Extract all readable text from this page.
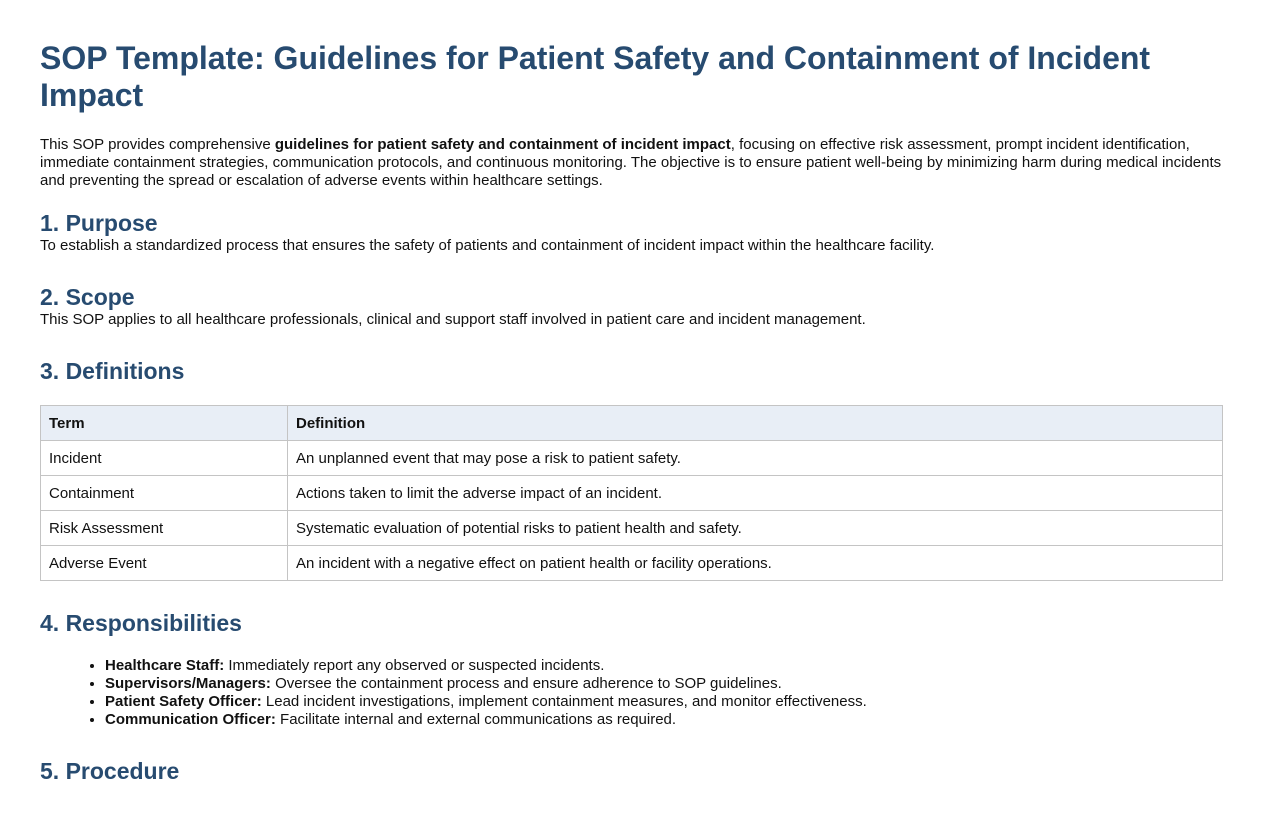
SOP Template: Guidelines for Patient Safety and Containment of Incident Impact

This SOP provides comprehensive guidelines for patient safety and containment of incident impact, focusing on effective risk assessment, prompt incident identification, immediate containment strategies, communication protocols, and continuous monitoring. The objective is to ensure patient well-being by minimizing harm during medical incidents and preventing the spread or escalation of adverse events within healthcare settings.

1. Purpose

To establish a standardized process that ensures the safety of patients and containment of incident impact within the healthcare facility.

2. Scope

This SOP applies to all healthcare professionals, clinical and support staff involved in patient care and incident management.

3. Definitions
Term	Definition
Incident	An unplanned event that may pose a risk to patient safety.
Containment	Actions taken to limit the adverse impact of an incident.
Risk Assessment	Systematic evaluation of potential risks to patient health and safety.
Adverse Event	An incident with a negative effect on patient health or facility operations.
4. Responsibilities
• Healthcare Staff: Immediately report any observed or suspected incidents.
• Supervisors/Managers: Oversee the containment process and ensure adherence to SOP guidelines.
• Patient Safety Officer: Lead incident investigations, implement containment measures, and monitor effectiveness.
• Communication Officer: Facilitate internal and external communications as required.
5. Procedure
